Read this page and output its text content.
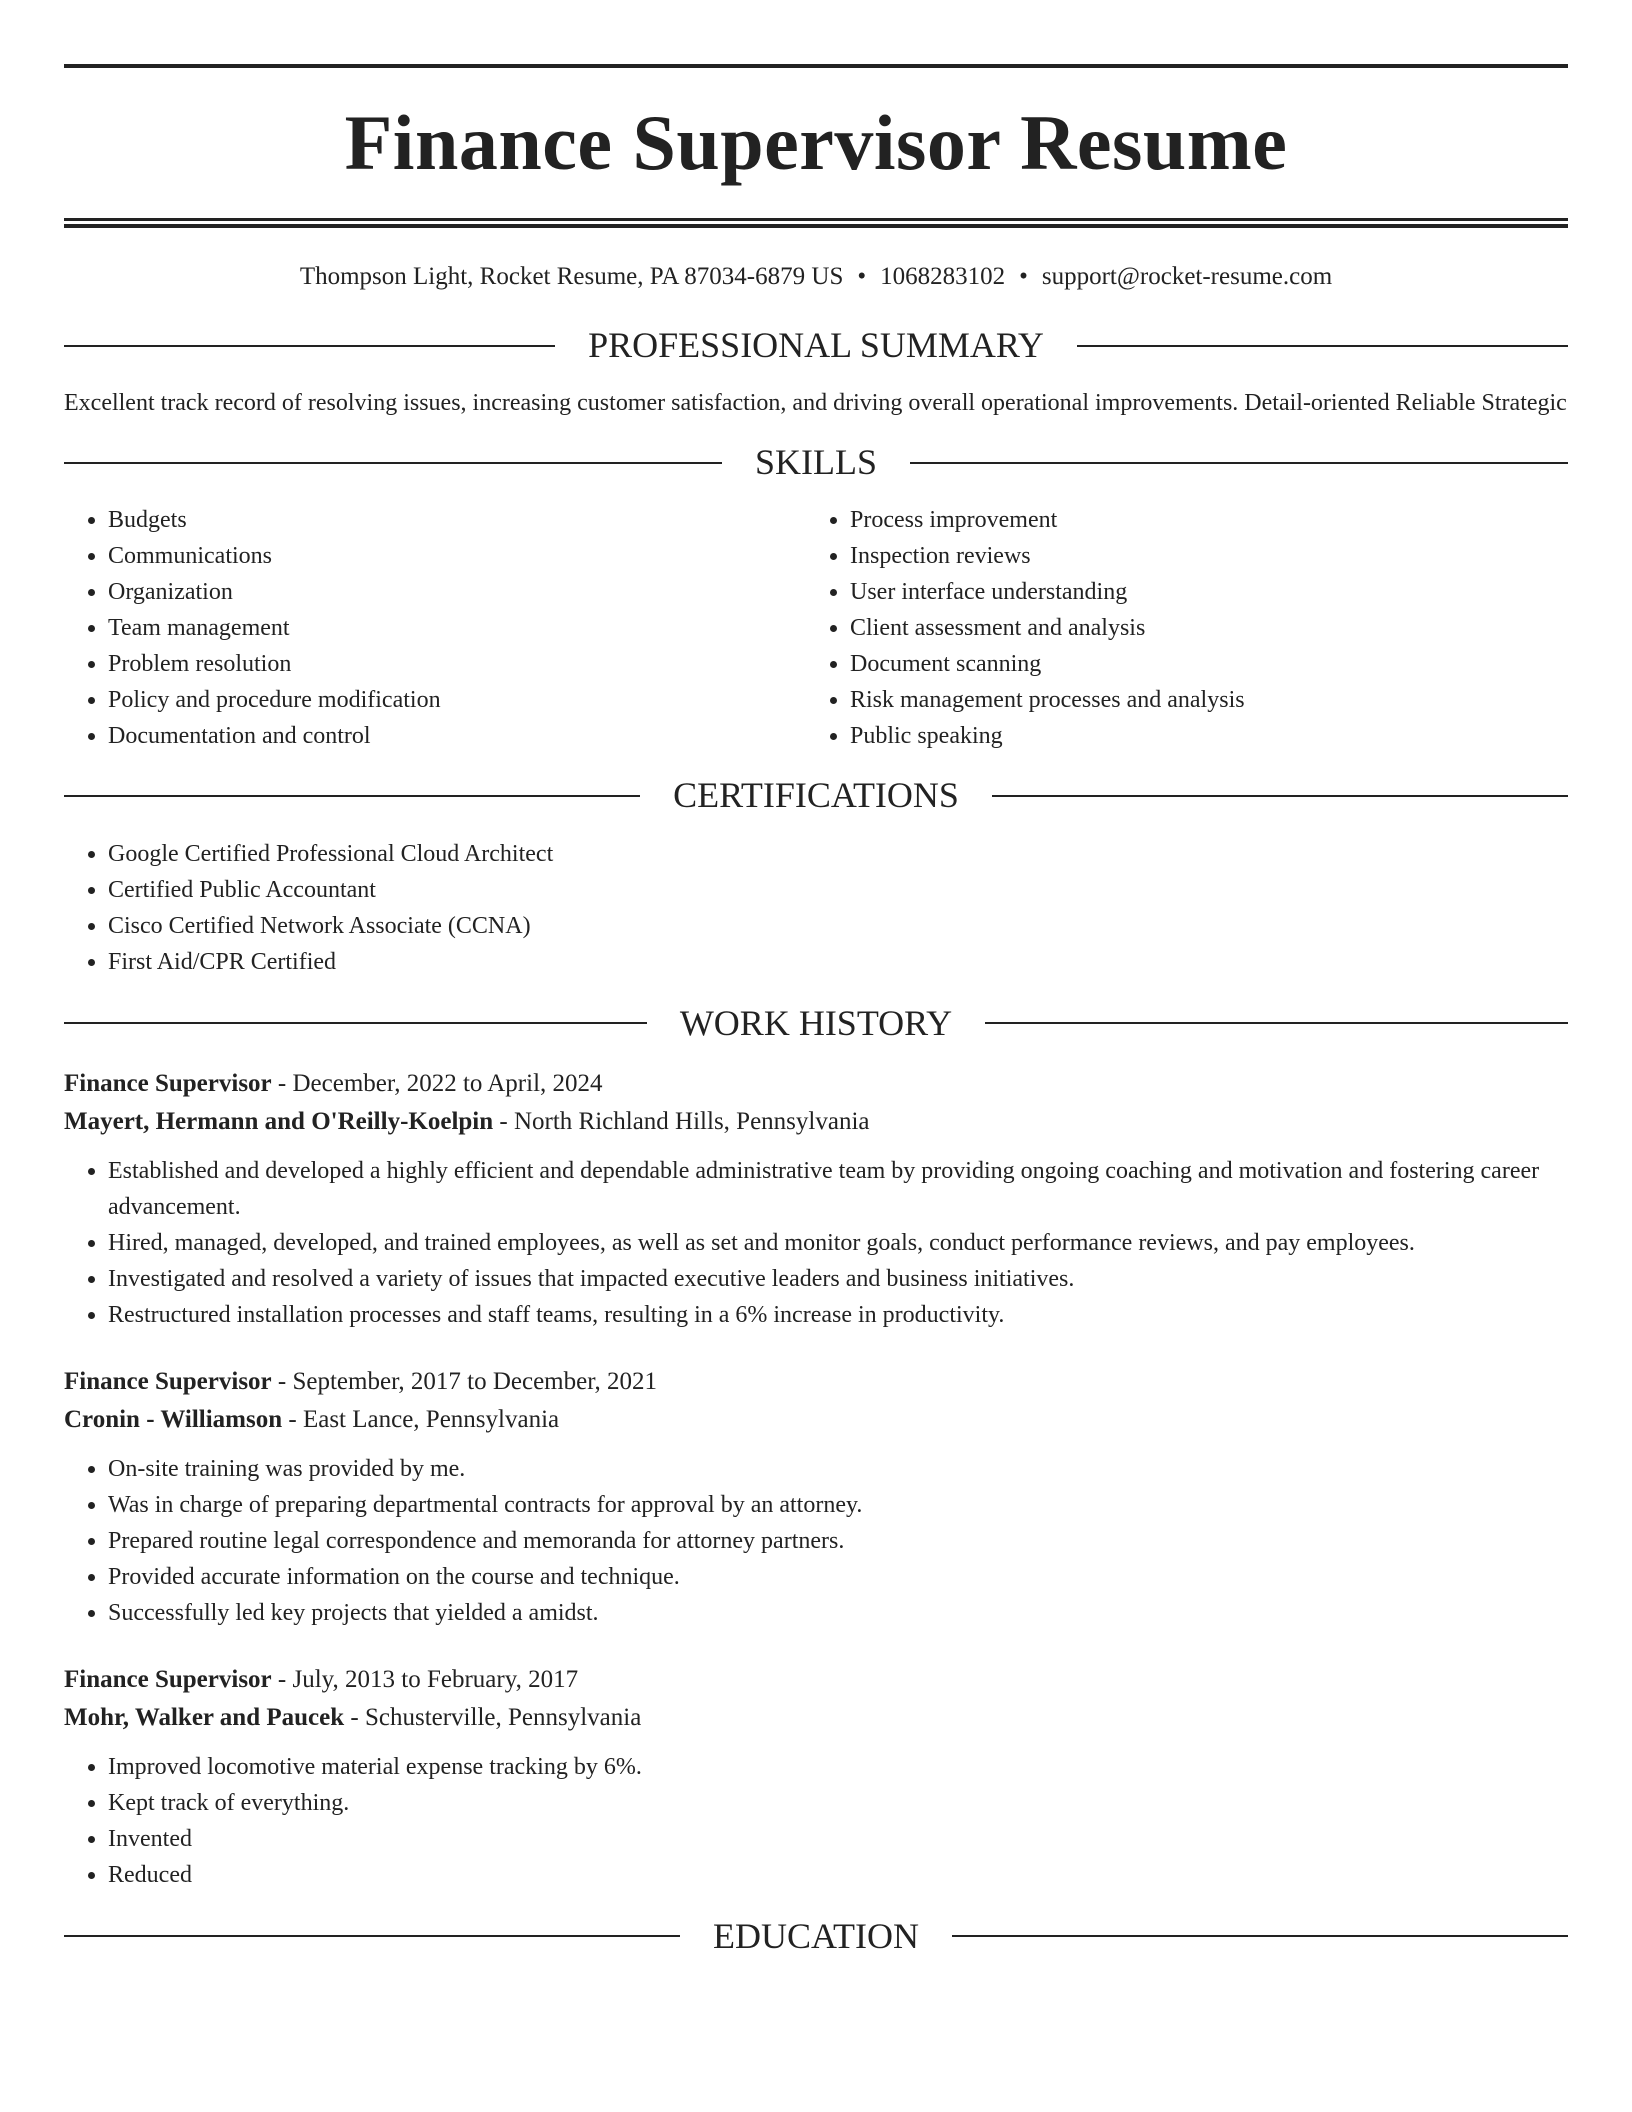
Finance Supervisor Resume
Thompson Light, Rocket Resume, PA 87034-6879 US • 1068283102 • support@rocket-resume.com
PROFESSIONAL SUMMARY

Excellent track record of resolving issues, increasing customer satisfaction, and driving overall operational improvements. Detail-oriented Reliable Strategic

SKILLS
• Budgets
• Communications
• Organization
• Team management
• Problem resolution
• Policy and procedure modification
• Documentation and control
• Process improvement
• Inspection reviews
• User interface understanding
• Client assessment and analysis
• Document scanning
• Risk management processes and analysis
• Public speaking
CERTIFICATIONS
• Google Certified Professional Cloud Architect
• Certified Public Accountant
• Cisco Certified Network Associate (CCNA)
• First Aid/CPR Certified
WORK HISTORY
Finance Supervisor - December, 2022 to April, 2024
Mayert, Hermann and O'Reilly-Koelpin - North Richland Hills, Pennsylvania
• Established and developed a highly efficient and dependable administrative team by providing ongoing coaching and motivation and fostering career advancement.
• Hired, managed, developed, and trained employees, as well as set and monitor goals, conduct performance reviews, and pay employees.
• Investigated and resolved a variety of issues that impacted executive leaders and business initiatives.
• Restructured installation processes and staff teams, resulting in a 6% increase in productivity.
Finance Supervisor - September, 2017 to December, 2021
Cronin - Williamson - East Lance, Pennsylvania
• On-site training was provided by me.
• Was in charge of preparing departmental contracts for approval by an attorney.
• Prepared routine legal correspondence and memoranda for attorney partners.
• Provided accurate information on the course and technique.
• Successfully led key projects that yielded a amidst.
Finance Supervisor - July, 2013 to February, 2017
Mohr, Walker and Paucek - Schusterville, Pennsylvania
• Improved locomotive material expense tracking by 6%.
• Kept track of everything.
• Invented
• Reduced
EDUCATION
